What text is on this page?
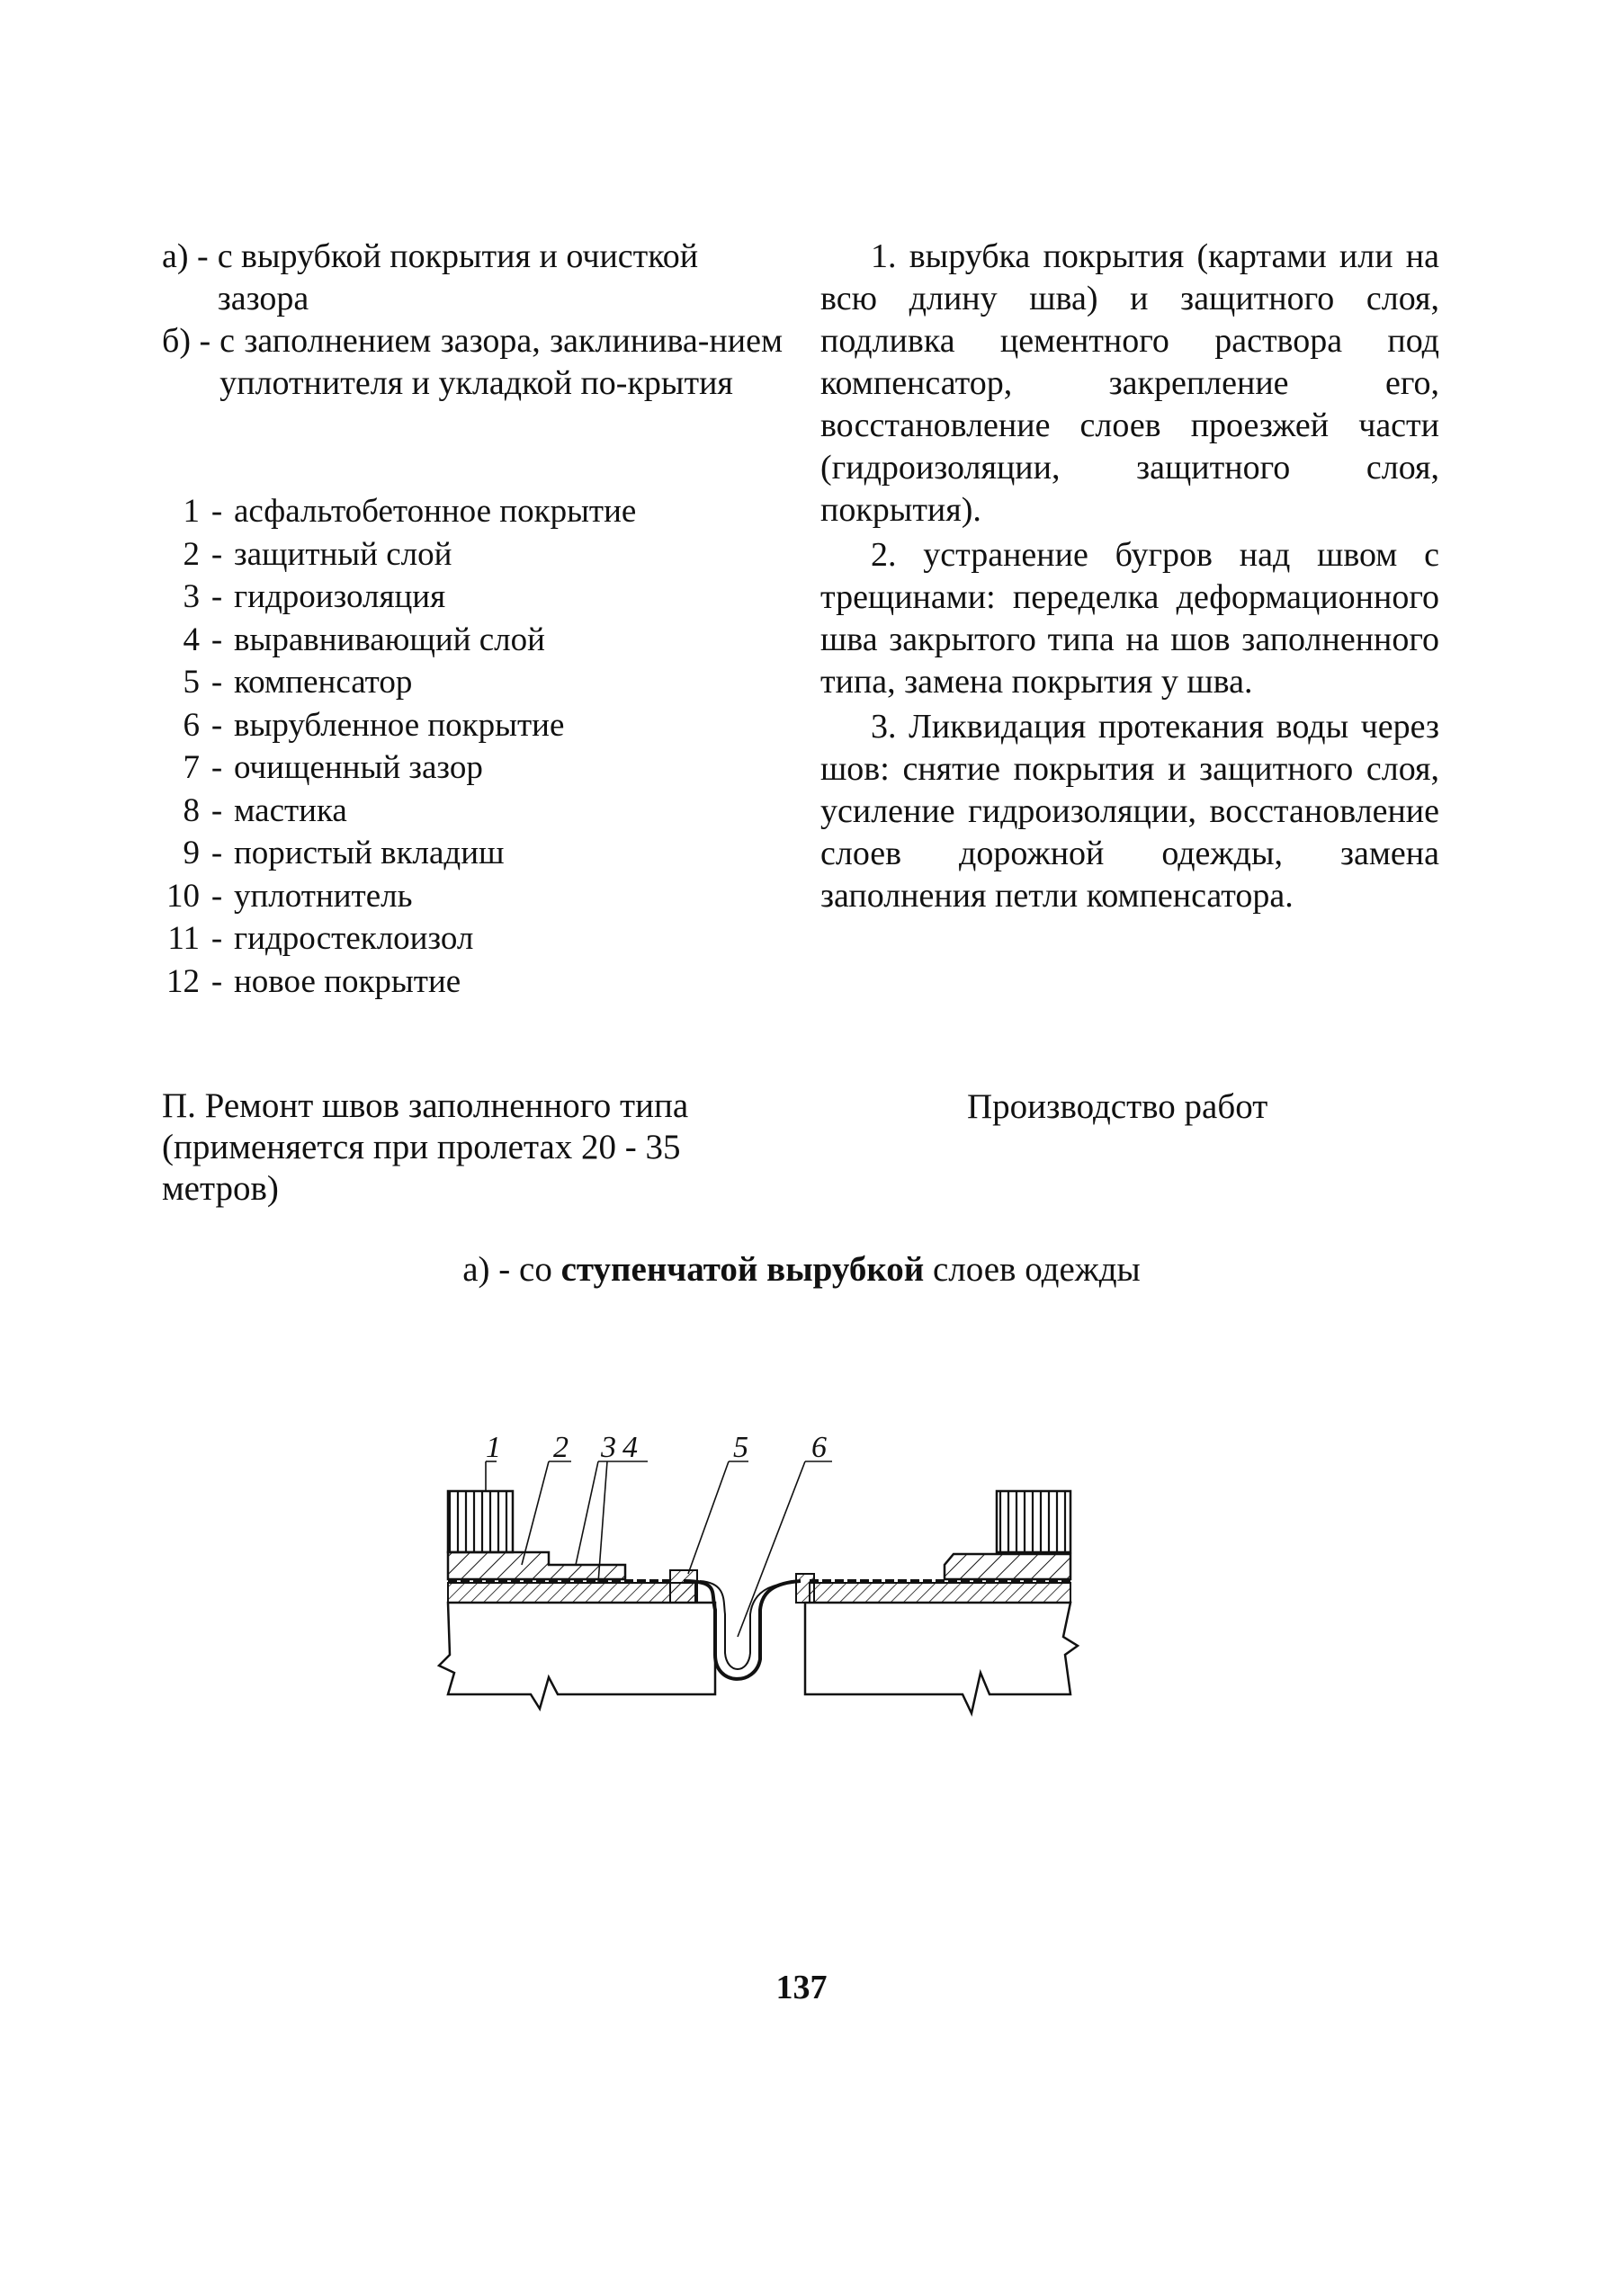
а) - с вырубкой покрытия и очисткой зазора
б) - с заполнением зазора, заклинива-нием уплотнителя и укладкой по-крытия
1 - асфальтобетонное покрытие
2 - защитный слой
3 - гидроизоляция
4 - выравнивающий слой
5 - компенсатор
6 - вырубленное покрытие
7 - очищенный зазор
8 - мастика
9 - пористый вкладиш
10 - уплотнитель
11 - гидростеклоизол
12 - новое покрытие

1. вырубка покрытия (картами или на всю длину шва) и защитного слоя, подливка цементного раствора под компенсатор, закрепление его, восстановление слоев проезжей части (гидроизоляции, защитного слоя, покрытия).

2. устранение бугров над швом с трещинами: переделка деформационного шва закрытого типа на шов заполненного типа, замена покрытия у шва.

3. Ликвидация протекания воды через шов: снятие покрытия и защитного слоя, усиление гидроизоляции, восстановление слоев дорожной одежды, замена заполнения петли компенсатора.

П. Ремонт швов заполненного типа
(применяется при пролетах 20 - 35
метров)
Производство работ
а) - со ступенчатой вырубкой слоев одежды
1 2 3 4	5 6
137
